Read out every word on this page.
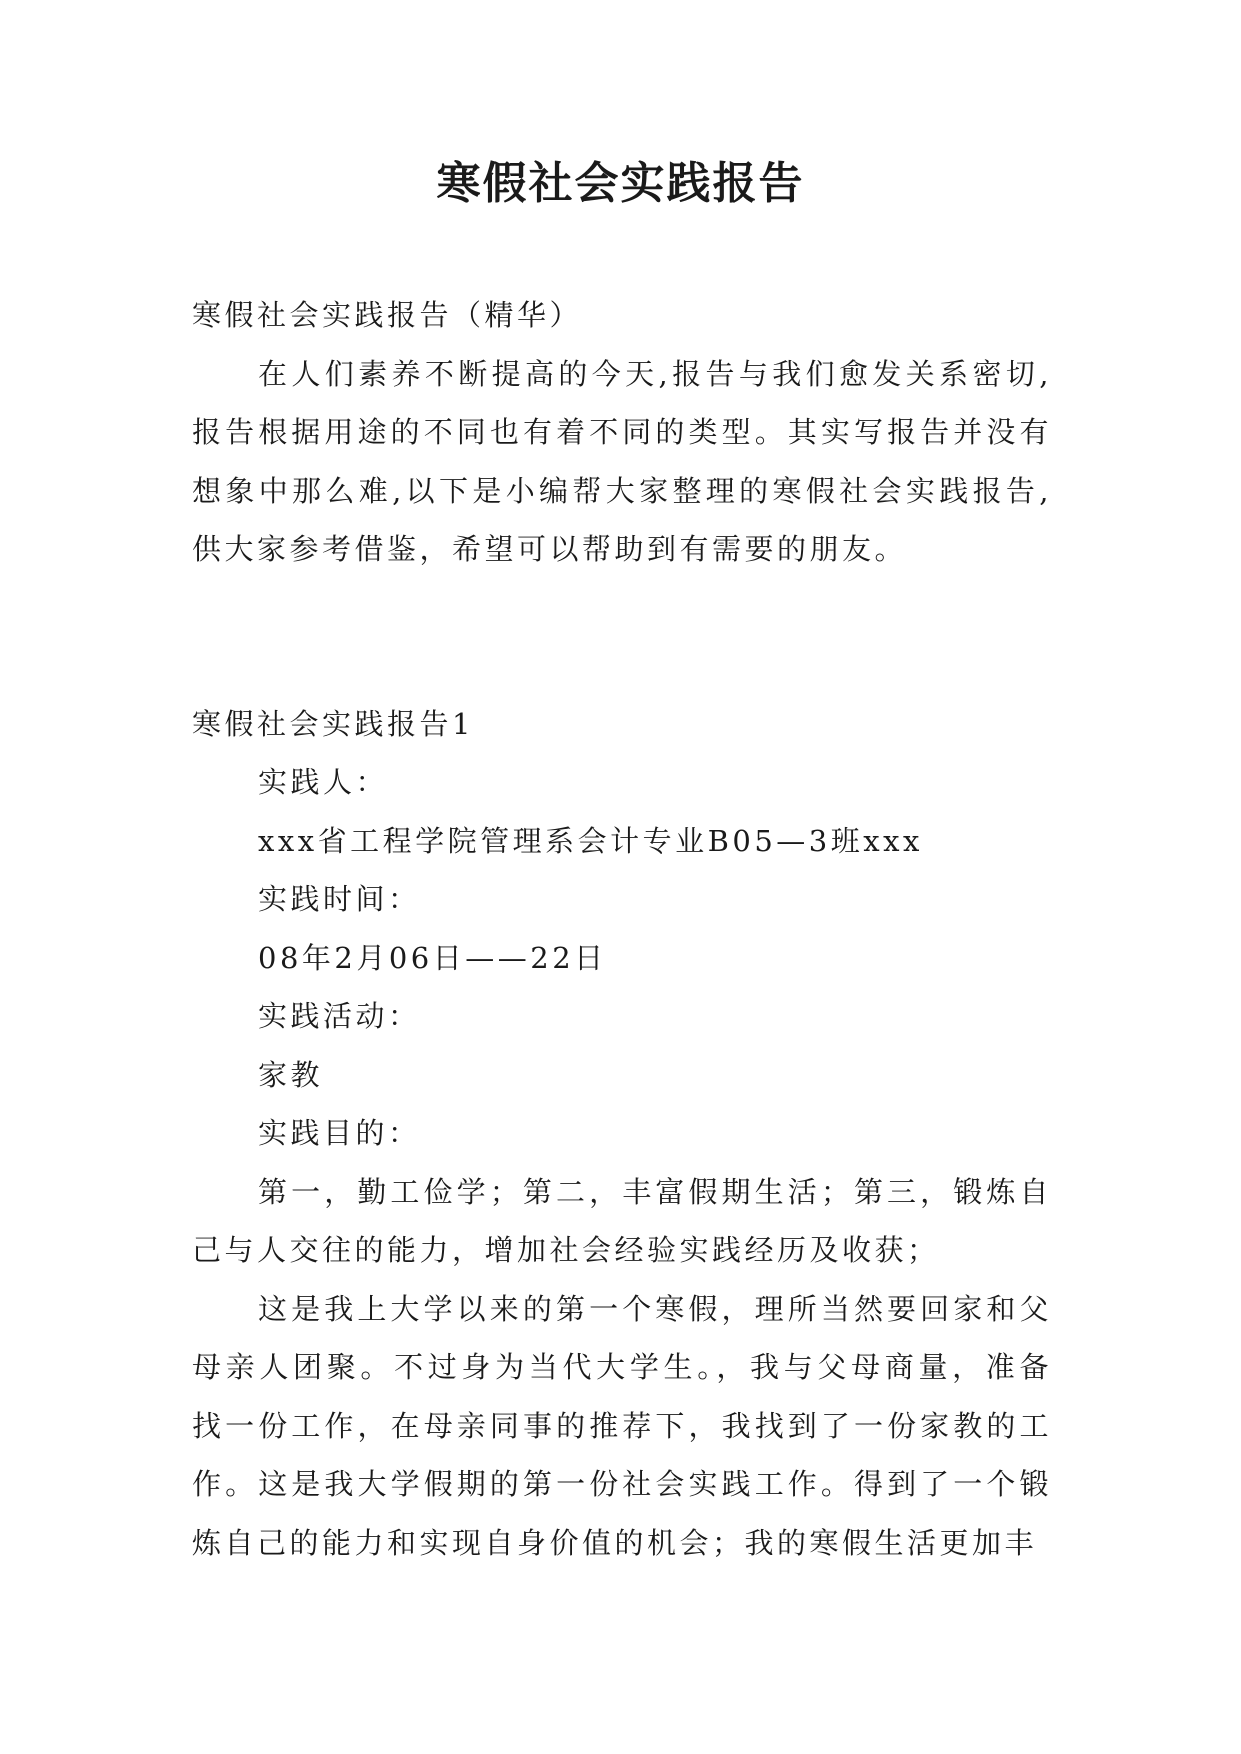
寒假社会实践报告

寒假社会实践报告（精华）

在人们素养不断提高的今天,报告与我们愈发关系密切,报告根据用途的不同也有着不同的类型。其实写报告并没有想象中那么难,以下是小编帮大家整理的寒假社会实践报告,供大家参考借鉴，希望可以帮助到有需要的朋友。

寒假社会实践报告1

实践人：

xxx省工程学院管理系会计专业B05—3班xxx

实践时间：

08年2月06日——22日

实践活动：

家教

实践目的：

第一，勤工俭学；第二，丰富假期生活；第三，锻炼自己与人交往的能力，增加社会经验实践经历及收获；

这是我上大学以来的第一个寒假，理所当然要回家和父母亲人团聚。不过身为当代大学生。，我与父母商量，准备找一份工作，在母亲同事的推荐下，我找到了一份家教的工作。这是我大学假期的第一份社会实践工作。得到了一个锻炼自己的能力和实现自身价值的机会；我的寒假生活更加丰
